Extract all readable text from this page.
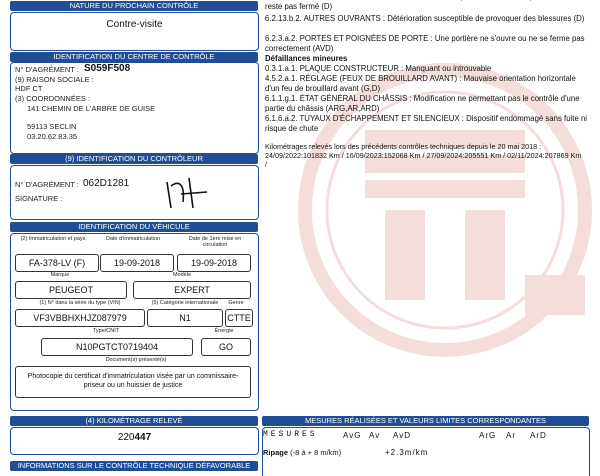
NATURE DU PROCHAIN CONTRÔLE
Contre-visite
IDENTIFICATION DU CENTRE DE CONTRÔLE
N° D'AGRÉMENT : S059F508
(9) RAISON SOCIALE :
HDF CT
(3) COORDONNÉES :
141 CHEMIN DE L'ARBRE DE GUISE
59113 SECLIN
03.20.62.83.35
(9) IDENTIFICATION DU CONTRÔLEUR
N° D'AGRÉMENT : 062D1281
SIGNATURE :
IDENTIFICATION DU VÉHICULE
(2) Immatriculation et pays	Date d'immatriculation	Date de 1ère mise en circulation
FA-378-LV (F)	19-09-2018	19-09-2018
Marque	Modèle
PEUGEOT	EXPERT
(1) N° dans la série du type (VIN)	(5) Catégorie internationale	Genre
VF3VBBHXHJZ087979	N1	CTTE
Type/CNIT	Énergie
N10PGTCT0719404	GO
Document(s) présenté(s)
Photocopie du certificat d'immatriculation visée par un commissaire-priseur ou un huissier de justice
(4) KILOMÉTRAGE RELEVÉ
220447
INFORMATIONS SUR LE CONTRÔLE TECHNIQUE DÉFAVORABLE
reste pas fermé (D)
6.2.13.b.2. AUTRES OUVRANTS : Détérioration susceptible de provoquer des blessures (D)
6.2.3.a.2. PORTES ET POIGNÉES DE PORTE : Une portière ne s'ouvre ou ne se ferme pas correctement (AVD)
Défaillances mineures
0.3.1.a.1. PLAQUE CONSTRUCTEUR : Manquant ou introuvable
4.5.2.a.1. RÉGLAGE (FEUX DE BROUILLARD AVANT) : Mauvaise orientation horizontale d'un feu de brouillard avant (G,D)
6.1.1.g.1. ÉTAT GÉNÉRAL DU CHÂSSIS : Modification ne permettant pas le contrôle d'une partie du châssis (ARG,AR,ARD)
6.1.6.a.2. TUYAUX D'ÉCHAPPEMENT ET SILENCIEUX : Dispositif endommagé sans fuite ni risque de chute
Kilométrages relevés lors des précédents contrôles techniques depuis le 20 mai 2018 : 24/09/2022:101832 Km / 16/09/2023:152068 Km / 27/09/2024:205551 Km / 02/11/2024:207869 Km /
MESURES RÉALISÉES ET VALEURS LIMITES CORRESPONDANTES
MESURES	AvG Av AvD	ArG Ar ArD
Ripage (-8 à + 8 m/km)	+2.3m/km
